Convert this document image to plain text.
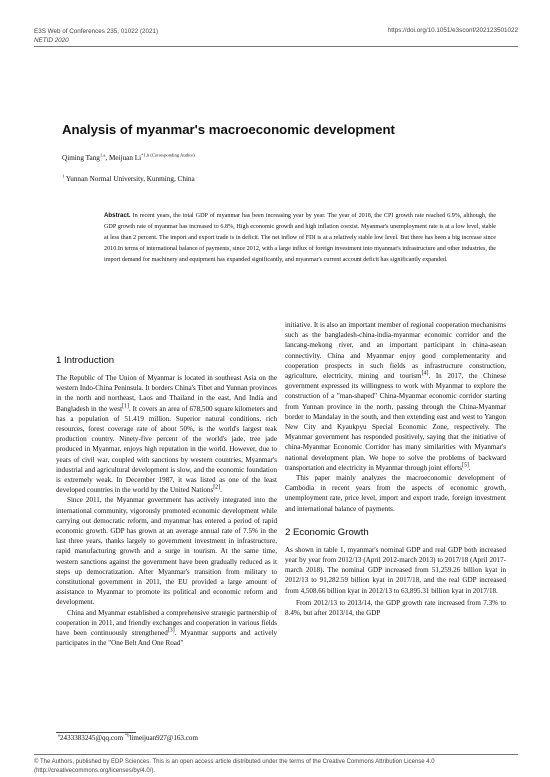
E3S Web of Conferences 235, 01022 (2021)
NETID 2020
https://doi.org/10.1051/e3sconf/202123501022
Analysis of myanmar's macroeconomic development
Qiming Tang$^{1,a}$, Meijuan Li$^{*1,b}$ $^{(Corresponding Author)}$
$^1$ Yunnan Normal University, Kunming, China
Abstract. In recent years, the total GDP of myanmar has been increasing year by year. The year of 2018, the CPI growth rate reached 6.9%, although, the GDP growth rate of myanmar has increased to 6.8%, High economic growth and high inflation coexist. Myanmar's unemployment rate is at a low level, stable at less than 2 percent. The import and export trade is in deficit. The net inflow of FDI is at a relatively stable low level. But there has been a big increase since 2010.In terms of international balance of payments, since 2012, with a large influx of foreign investment into myanmar's infrastructure and other industries, the import demand for machinery and equipment has expanded significantly, and myanmar's current account deficit has significantly expanded.
1 Introduction

The Republic of The Union of Myanmar is located in southeast Asia on the western Indo-China Peninsula. It borders China's Tibet and Yunnan provinces in the north and northeast, Laos and Thailand in the east, And India and Bangladesh in the west[1]. It covers an area of 678,500 square kilometers and has a population of 51.419 million. Superior natural conditions, rich resources, forest coverage rate of about 50%, is the world's largest teak production country. Ninety-five percent of the world's jade, tree jade produced in Myanmar, enjoys high reputation in the world. However, due to years of civil war, coupled with sanctions by western countries, Myanmar's industrial and agricultural development is slow, and the economic foundation is extremely weak. In December 1987, it was listed as one of the least developed countries in the world by the United Nations[2].

Since 2011, the Myanmar government has actively integrated into the international community, vigorously promoted economic development while carrying out democratic reform, and myanmar has entered a period of rapid economic growth. GDP has grown at an average annual rate of 7.5% in the last three years, thanks largely to government investment in infrastructure, rapid manufacturing growth and a surge in tourism. At the same time, western sanctions against the government have been gradually reduced as it steps up democratization. After Myanmar's transition from military to constitutional government in 2011, the EU provided a large amount of assistance to Myanmar to promote its political and economic reform and development.

China and Myanmar established a comprehensive strategic partnership of cooperation in 2011, and friendly exchanges and cooperation in various fields have been continuously strengthened[3]. Myanmar supports and actively participates in the "One Belt And One Road"

initiative. It is also an important member of regional cooperation mechanisms such as the bangladesh-china-india-myanmar economic corridor and the lancang-mekong river, and an important participant in china-asean connectivity. China and Myanmar enjoy good complementarity and cooperation prospects in such fields as infrastructure construction, agriculture, electricity, mining and tourism[4]. In 2017, the Chinese government expressed its willingness to work with Myanmar to explore the construction of a "man-shaped" China-Myanmar economic corridor starting from Yunnan province in the north, passing through the China-Myanmar border to Mandalay in the south, and then extending east and west to Yangon New City and Kyaukpyu Special Economic Zone, respectively. The Myanmar government has responded positively, saying that the initiative of china-Myanmar Economic Corridor has many similarities with Myanmar's national development plan. We hope to solve the problems of backward transportation and electricity in Myanmar through joint efforts[5].

This paper mainly analyzes the macroeconomic development of Cambodia in recent years from the aspects of economic growth, unemployment rate, price level, import and export trade, foreign investment and international balance of payments.

2 Economic Growth

As shown in table 1, myanmar's nominal GDP and real GDP both increased year by year from 2012/13 (April 2012-march 2013) to 2017/18 (April 2017-march 2018). The nominal GDP increased from 51,259.26 billion kyat in 2012/13 to 91,282.59 billion kyat in 2017/18, and the real GDP increased from 4,508.66 billion kyat in 2012/13 to 63,895.31 billion kyat in 2017/18.

From 2012/13 to 2013/14, the GDP growth rate increased from 7.3% to 8.4%, but after 2013/14, the GDP

$^a$2433383245@qq.com $^{*b}$limeijuan927@163.com
© The Authors, published by EDP Sciences. This is an open access article distributed under the terms of the Creative Commons Attribution License 4.0
(http://creativecommons.org/licenses/by/4.0/).
